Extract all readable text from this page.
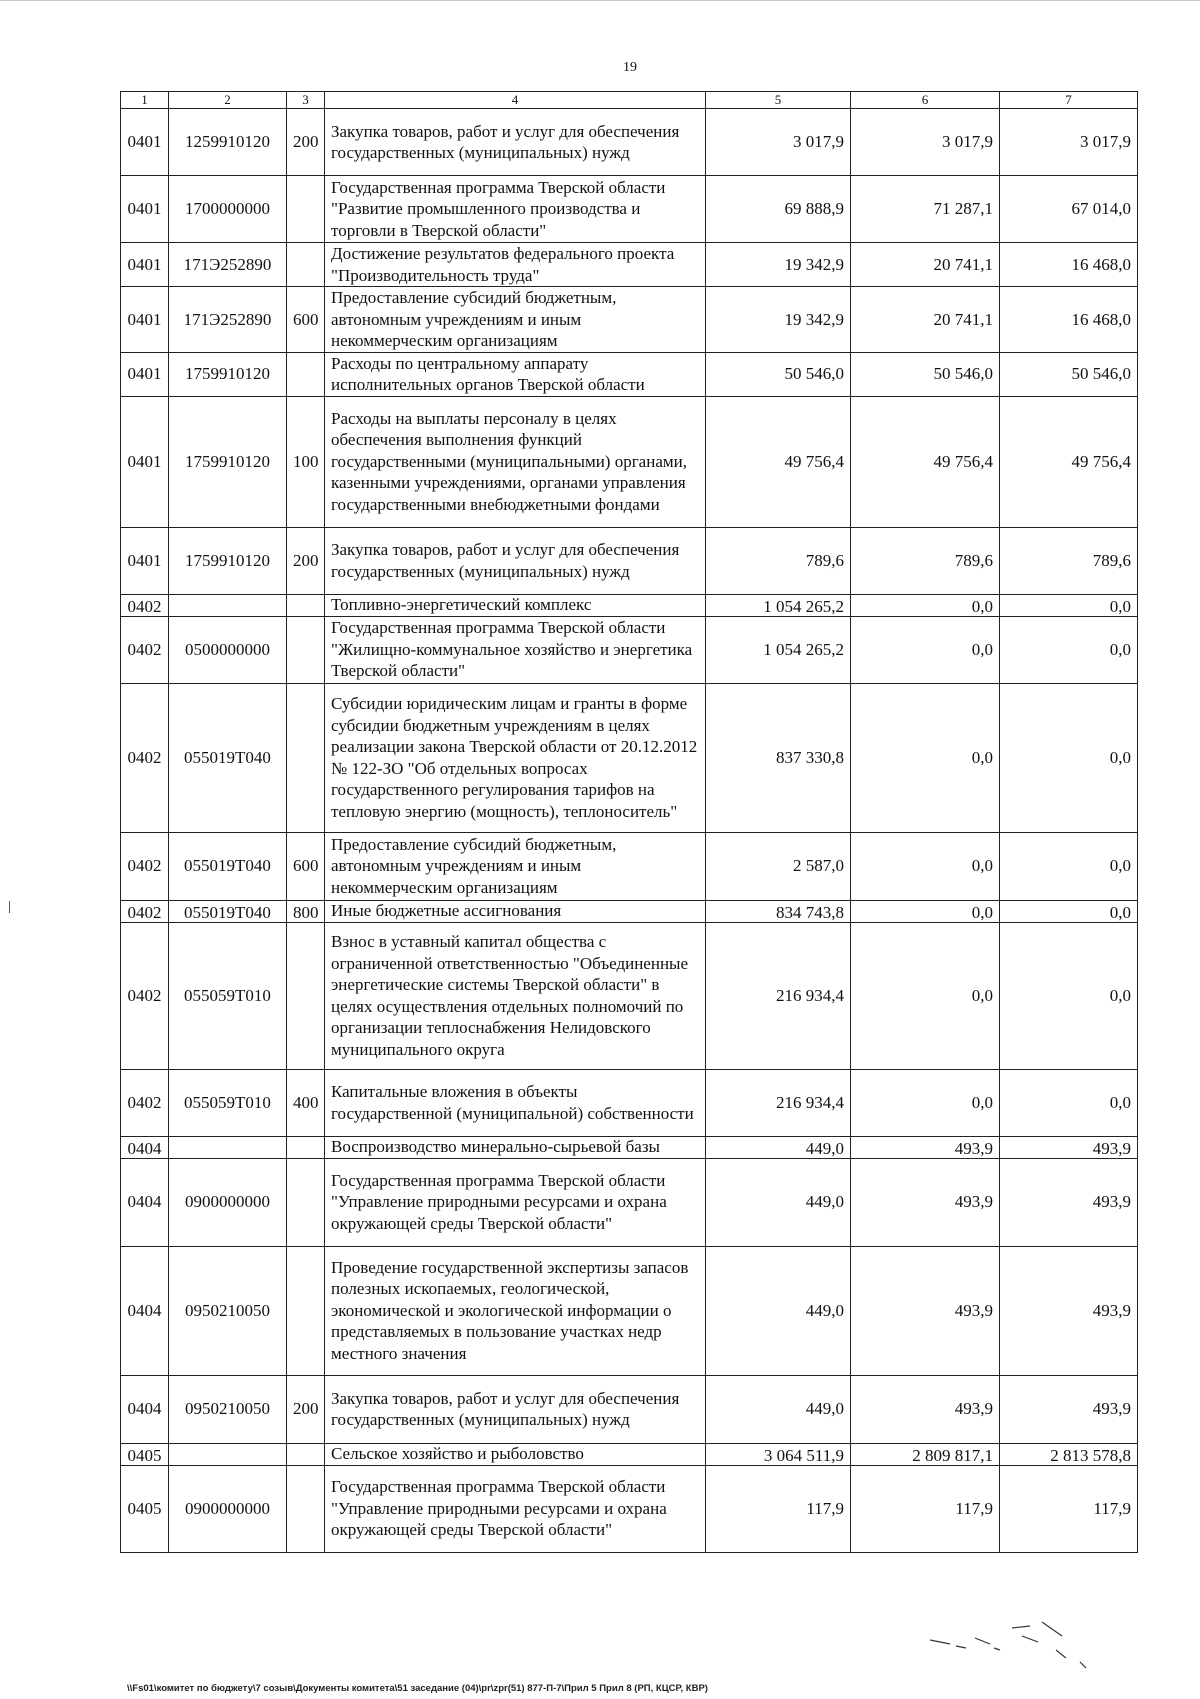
19
1	2	3	4	5	6	7
0401	1259910120	200	Закупка товаров, работ и услуг для обеспечения государственных (муниципальных) нужд	3 017,9	3 017,9	3 017,9
0401	1700000000		Государственная программа Тверской области "Развитие промышленного производства и торговли в Тверской области"	69 888,9	71 287,1	67 014,0
0401	171Э252890		Достижение результатов федерального проекта "Производительность труда"	19 342,9	20 741,1	16 468,0
0401	171Э252890	600	Предоставление субсидий бюджетным, автономным учреждениям и иным некоммерческим организациям	19 342,9	20 741,1	16 468,0
0401	1759910120		Расходы по центральному аппарату исполнительных органов Тверской области	50 546,0	50 546,0	50 546,0
0401	1759910120	100	Расходы на выплаты персоналу в целях обеспечения выполнения функций государственными (муниципальными) органами, казенными учреждениями, органами управления государственными внебюджетными фондами	49 756,4	49 756,4	49 756,4
0401	1759910120	200	Закупка товаров, работ и услуг для обеспечения государственных (муниципальных) нужд	789,6	789,6	789,6
0402			Топливно-энергетический комплекс	1 054 265,2	0,0	0,0
0402	0500000000		Государственная программа Тверской области "Жилищно-коммунальное хозяйство и энергетика Тверской области"	1 054 265,2	0,0	0,0
0402	055019Т040		Субсидии юридическим лицам и гранты в форме субсидии бюджетным учреждениям в целях реализации закона Тверской области от 20.12.2012 № 122-ЗО "Об отдельных вопросах государственного регулирования тарифов на тепловую энергию (мощность), теплоноситель"	837 330,8	0,0	0,0
0402	055019Т040	600	Предоставление субсидий бюджетным, автономным учреждениям и иным некоммерческим организациям	2 587,0	0,0	0,0
0402	055019Т040	800	Иные бюджетные ассигнования	834 743,8	0,0	0,0
0402	055059Т010		Взнос в уставный капитал общества с ограниченной ответственностью "Объединенные энергетические системы Тверской области" в целях осуществления отдельных полномочий по организации теплоснабжения Нелидовского муниципального округа	216 934,4	0,0	0,0
0402	055059Т010	400	Капитальные вложения в объекты государственной (муниципальной) собственности	216 934,4	0,0	0,0
0404			Воспроизводство минерально-сырьевой базы	449,0	493,9	493,9
0404	0900000000		Государственная программа Тверской области "Управление природными ресурсами и охрана окружающей среды Тверской области"	449,0	493,9	493,9
0404	0950210050		Проведение государственной экспертизы запасов полезных ископаемых, геологической, экономической и экологической информации о представляемых в пользование участках недр местного значения	449,0	493,9	493,9
0404	0950210050	200	Закупка товаров, работ и услуг для обеспечения государственных (муниципальных) нужд	449,0	493,9	493,9
0405			Сельское хозяйство и рыболовство	3 064 511,9	2 809 817,1	2 813 578,8
0405	0900000000		Государственная программа Тверской области "Управление природными ресурсами и охрана окружающей среды Тверской области"	117,9	117,9	117,9
\\Fs01\комитет по бюджету\7 созыв\Документы комитета\51 заседание (04)\pr\zpr(51) 877-П-7\Прил 5 Прил 8 (РП, КЦСР, КВР)
